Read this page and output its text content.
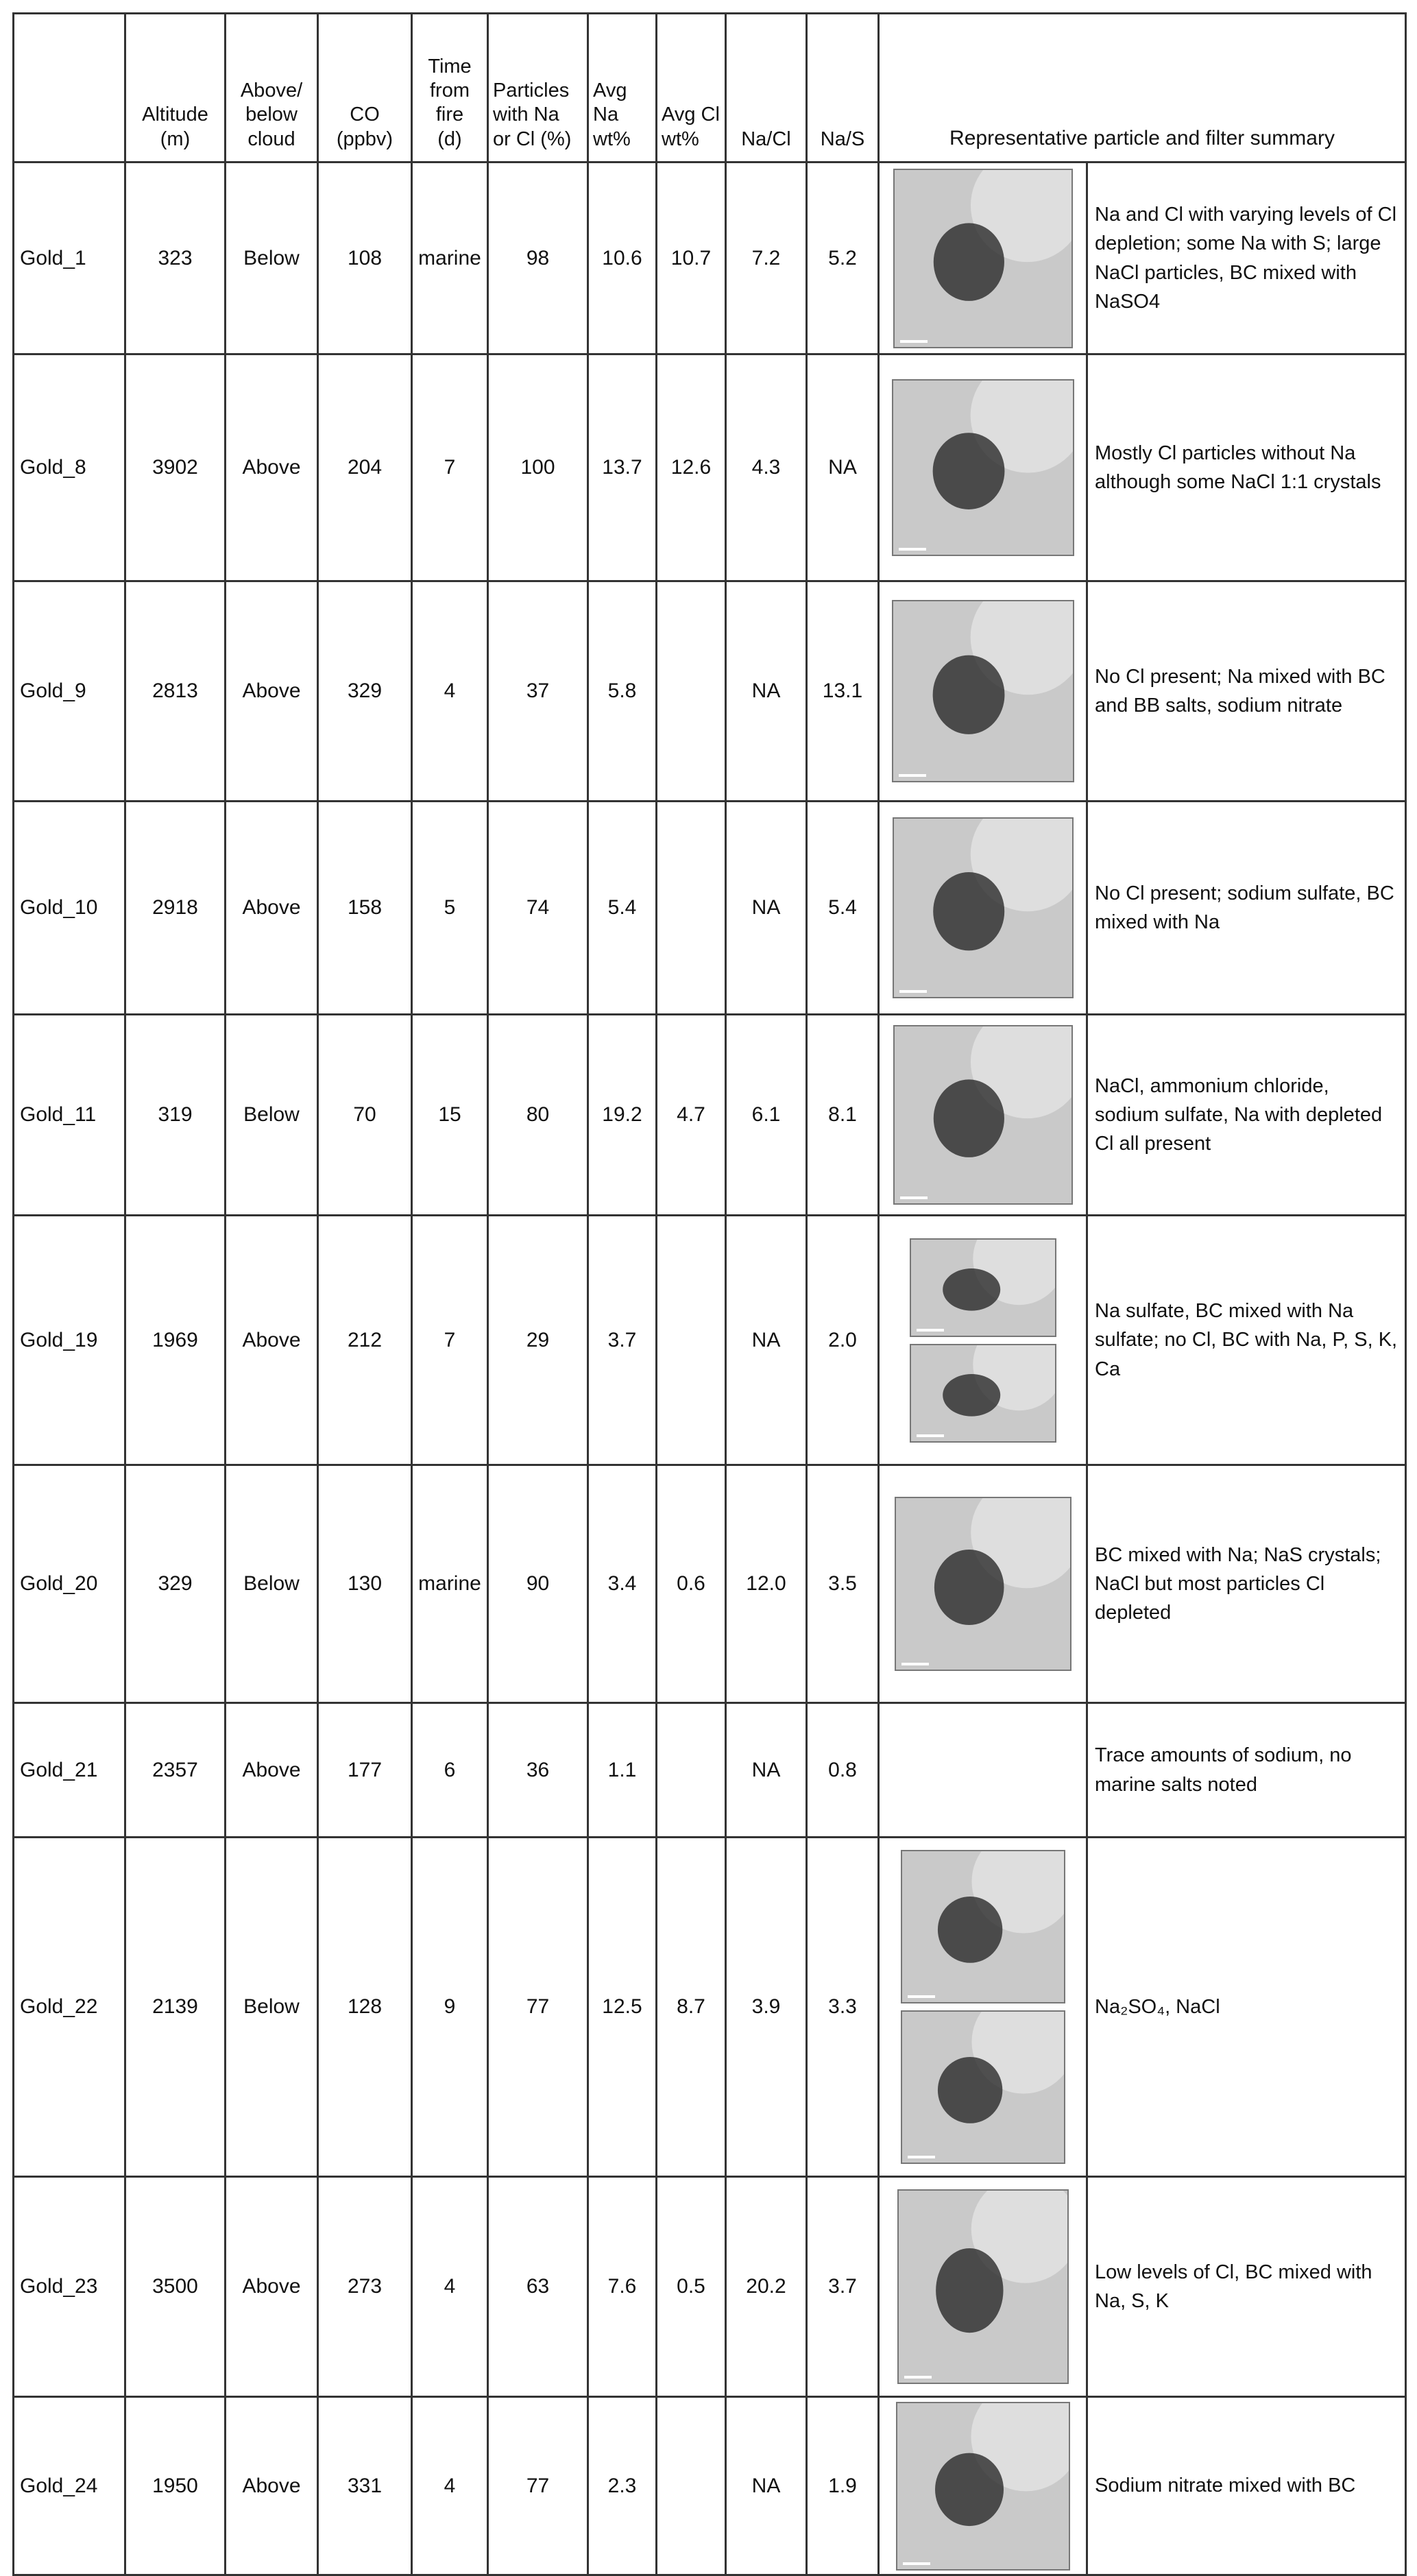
	Altitude
(m)	Above/
below
cloud	CO
(ppbv)	Time
from
fire
(d)	Particles
with Na
or Cl (%)	Avg
Na
wt%	Avg Cl
wt%	Na/Cl	Na/S	Representative particle and filter summary	
Gold_1	323	Below	108	marine	98	10.6	10.7	7.2	5.2		Na and Cl with varying levels of Cl depletion; some Na with S; large NaCl particles, BC mixed with NaSO4
Gold_8	3902	Above	204	7	100	13.7	12.6	4.3	NA		Mostly Cl particles without Na although some NaCl 1:1 crystals
Gold_9	2813	Above	329	4	37	5.8		NA	13.1		No Cl present; Na mixed with BC and BB salts, sodium nitrate
Gold_10	2918	Above	158	5	74	5.4		NA	5.4		No Cl present; sodium sulfate, BC mixed with Na
Gold_11	319	Below	70	15	80	19.2	4.7	6.1	8.1		NaCl, ammonium chloride, sodium sulfate, Na with depleted Cl all present
Gold_19	1969	Above	212	7	29	3.7		NA	2.0		Na sulfate, BC mixed with Na sulfate; no Cl, BC with Na, P, S, K, Ca
Gold_20	329	Below	130	marine	90	3.4	0.6	12.0	3.5		BC mixed with Na; NaS crystals; NaCl but most particles Cl depleted
Gold_21	2357	Above	177	6	36	1.1		NA	0.8		Trace amounts of sodium, no marine salts noted
Gold_22	2139	Below	128	9	77	12.5	8.7	3.9	3.3		Na₂SO₄, NaCl
Gold_23	3500	Above	273	4	63	7.6	0.5	20.2	3.7		Low levels of Cl, BC mixed with Na, S, K
Gold_24	1950	Above	331	4	77	2.3		NA	1.9		Sodium nitrate mixed with BC
